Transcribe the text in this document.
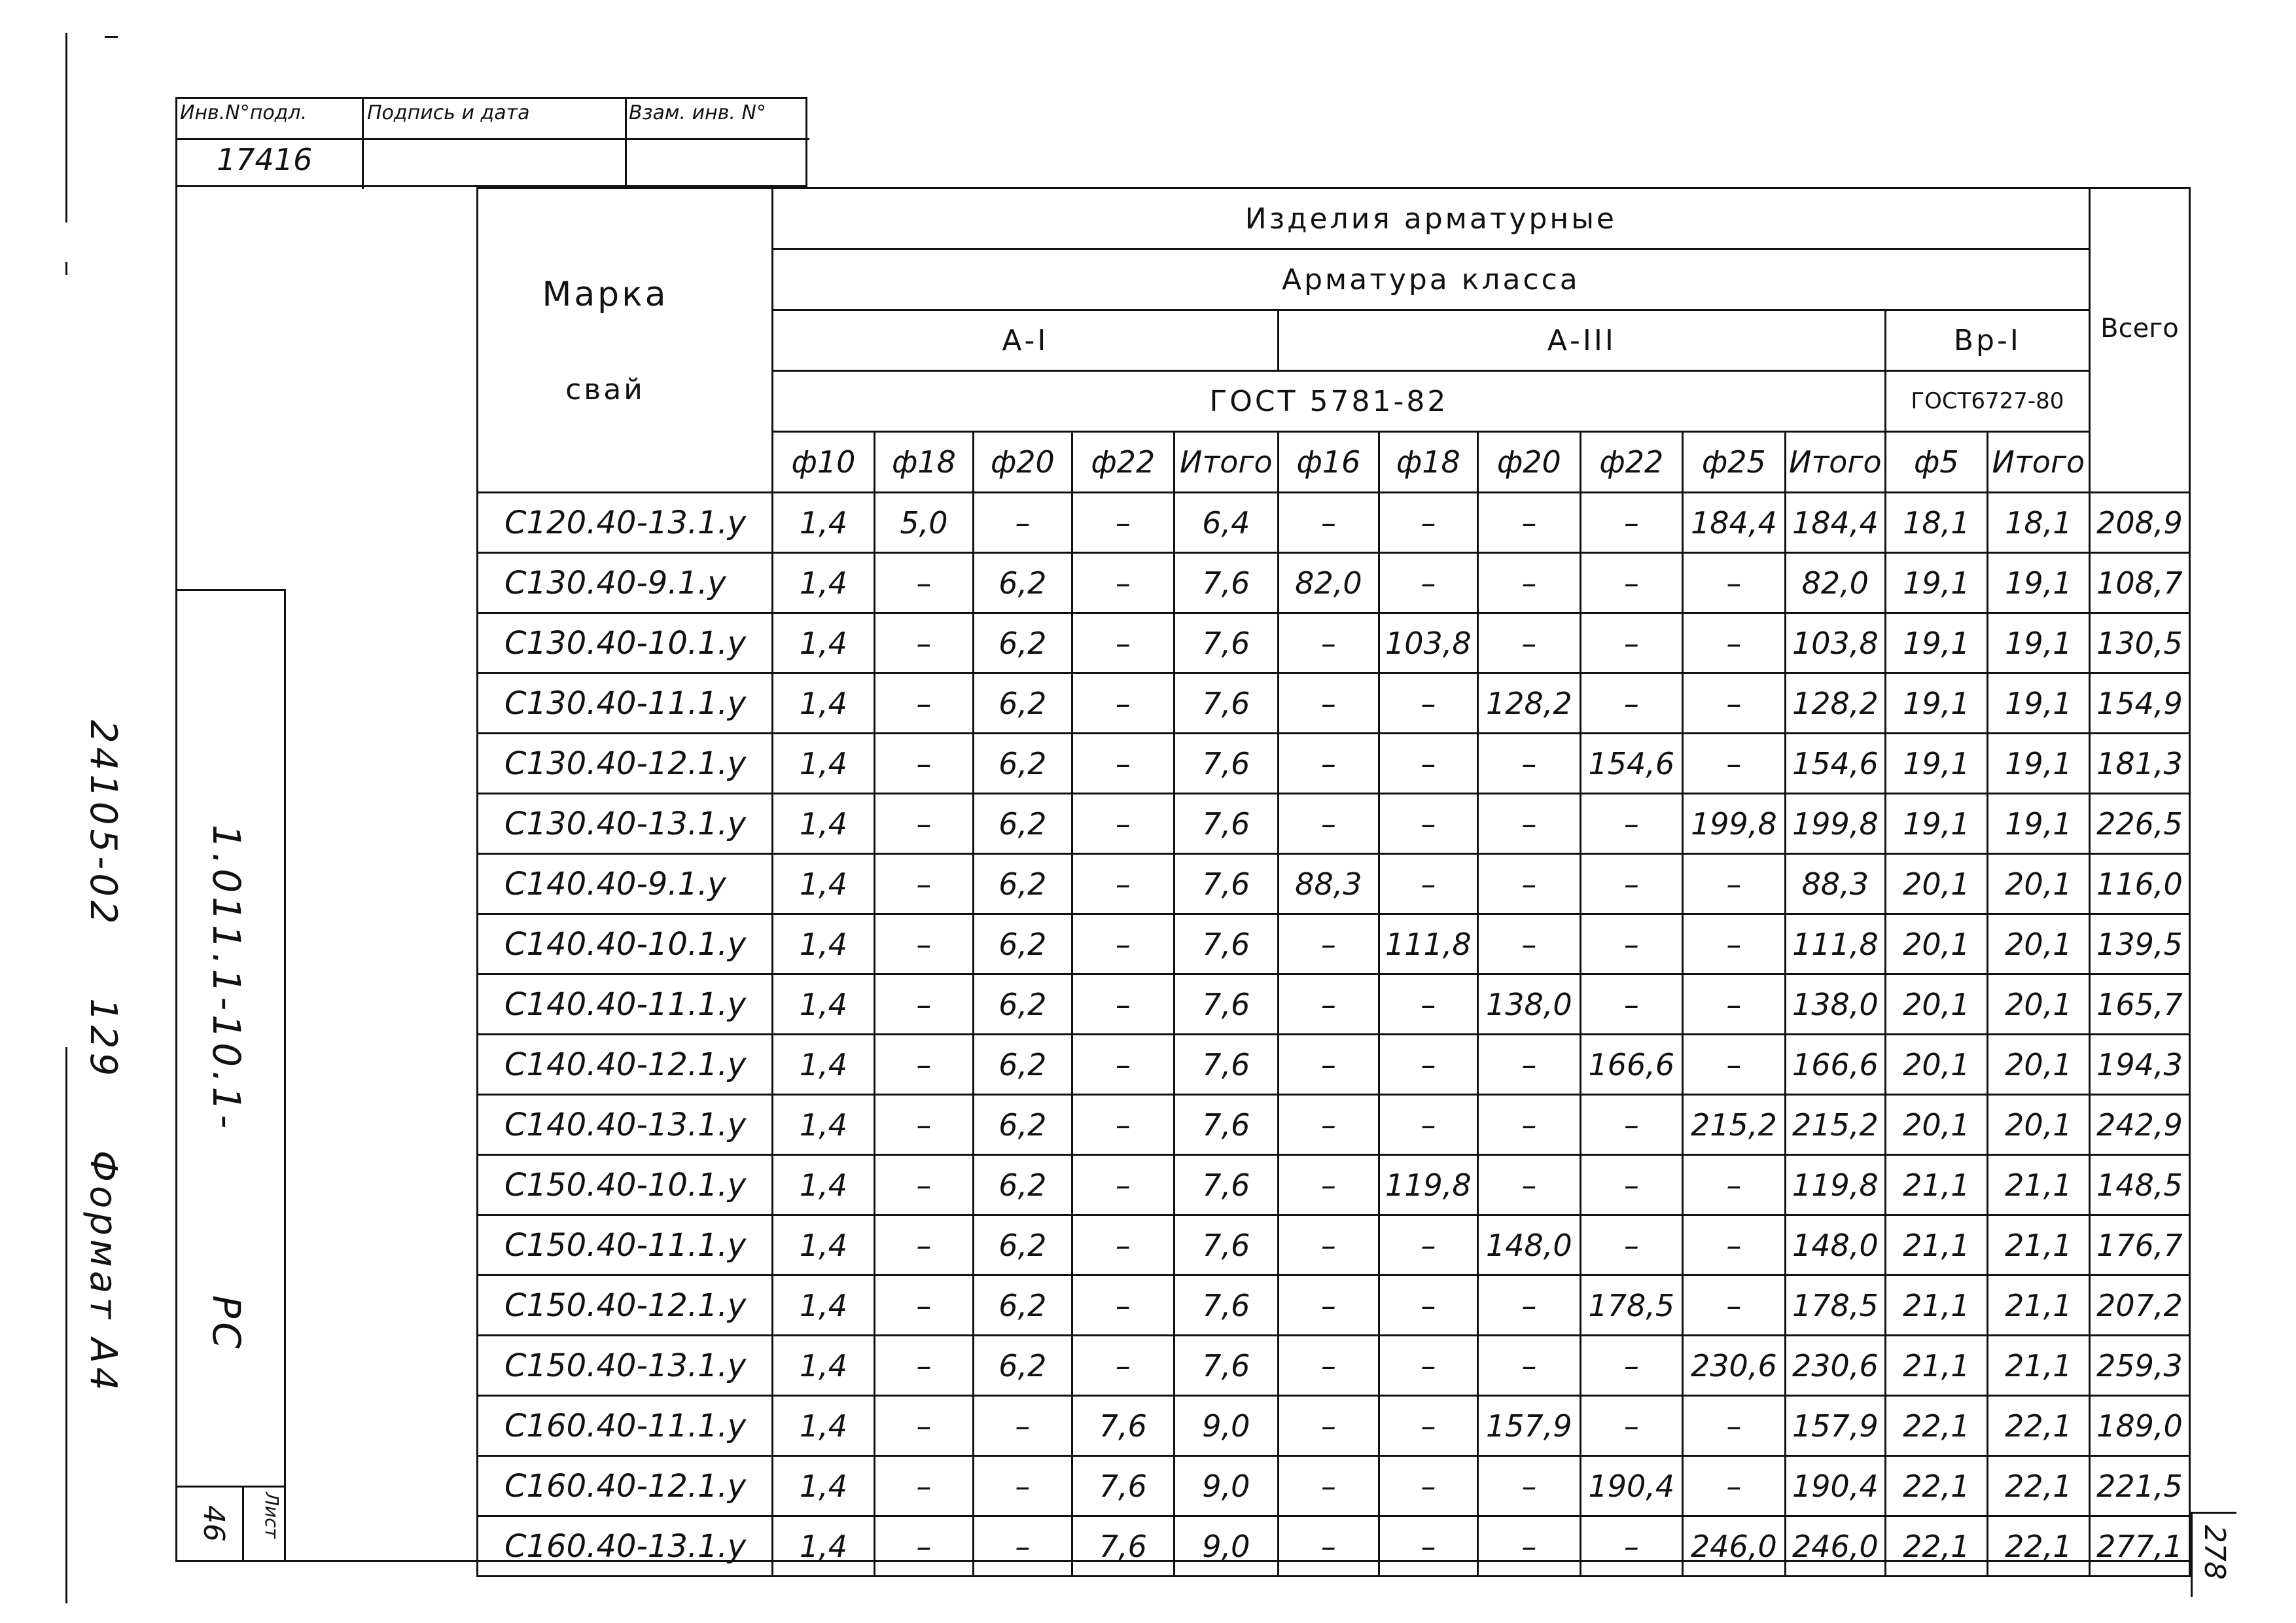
Инв.N°подл.	Подпись и дата	Взам. инв. N°
17416
24105-02  129  Формат А4
1.011.1-10.1-  РС
Лист
46
278
Марка
свай	Изделия арматурные													Всего
	Арматура класса													
	А-I					А-III						Вр-I		
	ГОСТ 5781-82											ГОСТ6727-80		
	ф10	ф18	ф20	ф22	Итого	ф16	ф18	ф20	ф22	ф25	Итого	ф5	Итого	
С120.40-13.1.у	1,4	5,0	–	–	6,4	–	–	–	–	184,4	184,4	18,1	18,1	208,9
С130.40-9.1.у	1,4	–	6,2	–	7,6	82,0	–	–	–	–	82,0	19,1	19,1	108,7
С130.40-10.1.у	1,4	–	6,2	–	7,6	–	103,8	–	–	–	103,8	19,1	19,1	130,5
С130.40-11.1.у	1,4	–	6,2	–	7,6	–	–	128,2	–	–	128,2	19,1	19,1	154,9
С130.40-12.1.у	1,4	–	6,2	–	7,6	–	–	–	154,6	–	154,6	19,1	19,1	181,3
С130.40-13.1.у	1,4	–	6,2	–	7,6	–	–	–	–	199,8	199,8	19,1	19,1	226,5
С140.40-9.1.у	1,4	–	6,2	–	7,6	88,3	–	–	–	–	88,3	20,1	20,1	116,0
С140.40-10.1.у	1,4	–	6,2	–	7,6	–	111,8	–	–	–	111,8	20,1	20,1	139,5
С140.40-11.1.у	1,4	–	6,2	–	7,6	–	–	138,0	–	–	138,0	20,1	20,1	165,7
С140.40-12.1.у	1,4	–	6,2	–	7,6	–	–	–	166,6	–	166,6	20,1	20,1	194,3
С140.40-13.1.у	1,4	–	6,2	–	7,6	–	–	–	–	215,2	215,2	20,1	20,1	242,9
С150.40-10.1.у	1,4	–	6,2	–	7,6	–	119,8	–	–	–	119,8	21,1	21,1	148,5
С150.40-11.1.у	1,4	–	6,2	–	7,6	–	–	148,0	–	–	148,0	21,1	21,1	176,7
С150.40-12.1.у	1,4	–	6,2	–	7,6	–	–	–	178,5	–	178,5	21,1	21,1	207,2
С150.40-13.1.у	1,4	–	6,2	–	7,6	–	–	–	–	230,6	230,6	21,1	21,1	259,3
С160.40-11.1.у	1,4	–	–	7,6	9,0	–	–	157,9	–	–	157,9	22,1	22,1	189,0
С160.40-12.1.у	1,4	–	–	7,6	9,0	–	–	–	190,4	–	190,4	22,1	22,1	221,5
С160.40-13.1.у	1,4	–	–	7,6	9,0	–	–	–	–	246,0	246,0	22,1	22,1	277,1
